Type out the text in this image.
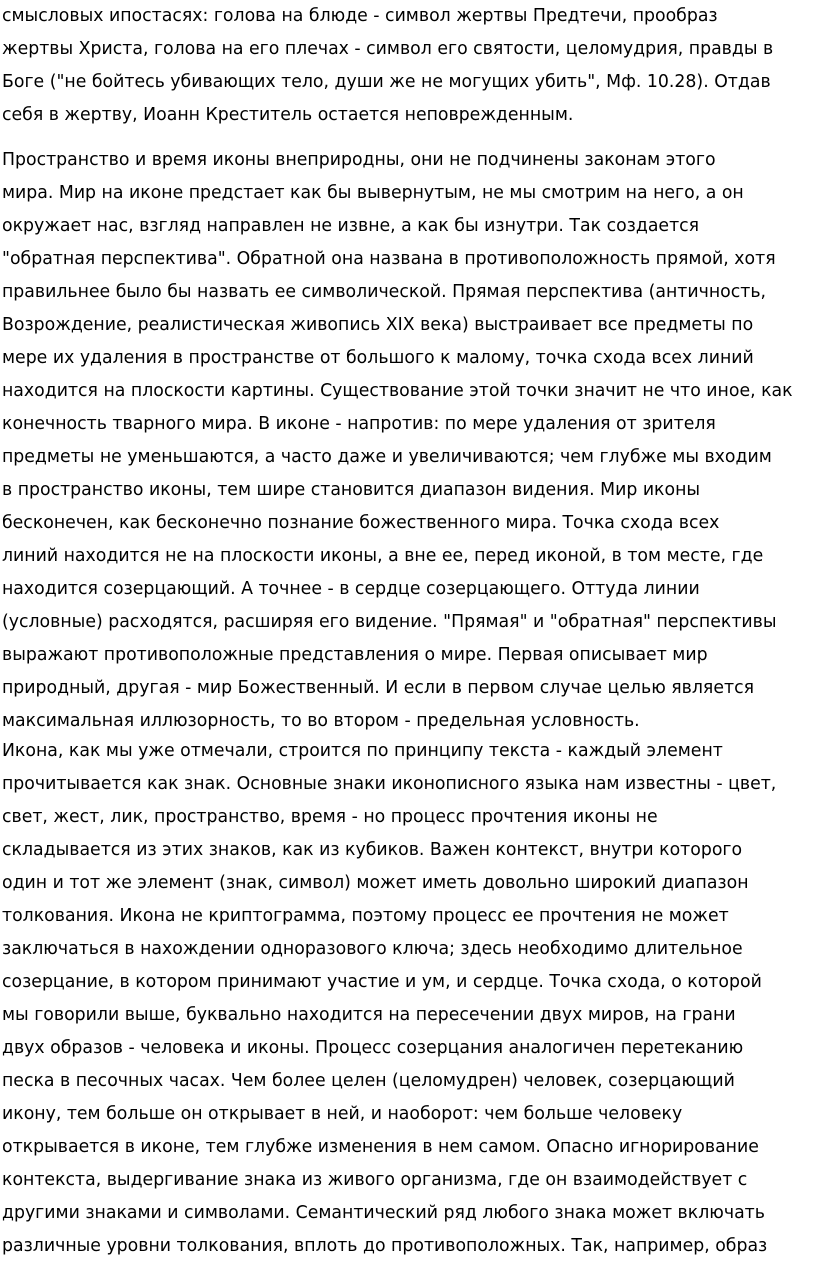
смысловых ипостасях: голова на блюде - символ жертвы Предтечи, прообраз
жертвы Христа, голова на его плечах - символ его святости, целомудрия, правды в
Боге ("не бойтесь убивающих тело, души же не могущих убить", Мф. 10.28). Отдав
себя в жертву, Иоанн Креститель остается неповрежденным.
Пространство и время иконы внеприродны, они не подчинены законам этого
мира. Мир на иконе предстает как бы вывернутым, не мы смотрим на него, а он
окружает нас, взгляд направлен не извне, а как бы изнутри. Так создается
"обратная перспектива". Обратной она названа в противоположность прямой, хотя
правильнее было бы назвать ее символической. Прямая перспектива (античность,
Возрождение, реалистическая живопись XIX века) выстраивает все предметы по
мере их удаления в пространстве от большого к малому, точка схода всех линий
находится на плоскости картины. Существование этой точки значит не что иное, как
конечность тварного мира. В иконе - напротив: по мере удаления от зрителя
предметы не уменьшаются, а часто даже и увеличиваются; чем глубже мы входим
в пространство иконы, тем шире становится диапазон видения. Мир иконы
бесконечен, как бесконечно познание божественного мира. Точка схода всех
линий находится не на плоскости иконы, а вне ее, перед иконой, в том месте, где
находится созерцающий. А точнее - в сердце созерцающего. Оттуда линии
(условные) расходятся, расширяя его видение. "Прямая" и "обратная" перспективы
выражают противоположные представления о мире. Первая описывает мир
природный, другая - мир Божественный. И если в первом случае целью является
максимальная иллюзорность, то во втором - предельная условность.
Икона, как мы уже отмечали, строится по принципу текста - каждый элемент
прочитывается как знак. Основные знаки иконописного языка нам известны - цвет,
свет, жест, лик, пространство, время - но процесс прочтения иконы не
складывается из этих знаков, как из кубиков. Важен контекст, внутри которого
один и тот же элемент (знак, символ) может иметь довольно широкий диапазон
толкования. Икона не криптограмма, поэтому процесс ее прочтения не может
заключаться в нахождении одноразового ключа; здесь необходимо длительное
созерцание, в котором принимают участие и ум, и сердце. Точка схода, о которой
мы говорили выше, буквально находится на пересечении двух миров, на грани
двух образов - человека и иконы. Процесс созерцания аналогичен перетеканию
песка в песочных часах. Чем более целен (целомудрен) человек, созерцающий
икону, тем больше он открывает в ней, и наоборот: чем больше человеку
открывается в иконе, тем глубже изменения в нем самом. Опасно игнорирование
контекста, выдергивание знака из живого организма, где он взаимодействует с
другими знаками и символами. Семантический ряд любого знака может включать
различные уровни толкования, вплоть до противоположных. Так, например, образ
